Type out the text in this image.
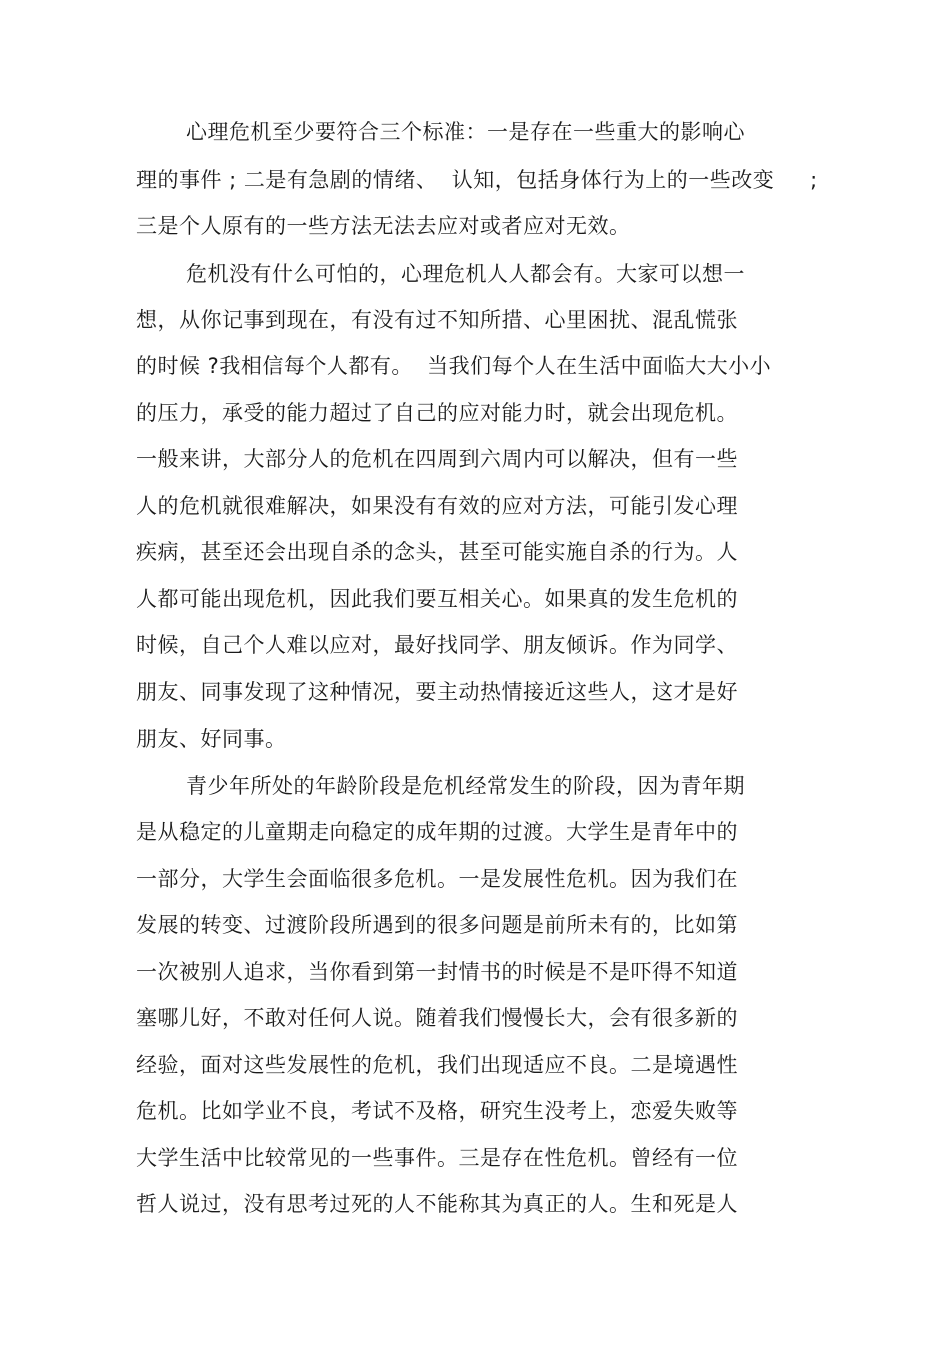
心理危机至少要符合三个标准：一是存在一些重大的影响心
理的事件 ; 二是有急剧的情绪、  认知，包括身体行为上的一些改变     ;
三是个人原有的一些方法无法去应对或者应对无效。
危机没有什么可怕的，心理危机人人都会有。大家可以想一
想，从你记事到现在，有没有过不知所措、心里困扰、混乱慌张
的时候 ?我相信每个人都有。  当我们每个人在生活中面临大大小小
的压力，承受的能力超过了自己的应对能力时，就会出现危机。
一般来讲，大部分人的危机在四周到六周内可以解决，但有一些
人的危机就很难解决，如果没有有效的应对方法，可能引发心理
疾病，甚至还会出现自杀的念头，甚至可能实施自杀的行为。人
人都可能出现危机，因此我们要互相关心。如果真的发生危机的
时候，自己个人难以应对，最好找同学、朋友倾诉。作为同学、
朋友、同事发现了这种情况，要主动热情接近这些人，这才是好
朋友、好同事。
青少年所处的年龄阶段是危机经常发生的阶段，因为青年期
是从稳定的儿童期走向稳定的成年期的过渡。大学生是青年中的
一部分，大学生会面临很多危机。一是发展性危机。因为我们在
发展的转变、过渡阶段所遇到的很多问题是前所未有的，比如第
一次被别人追求，当你看到第一封情书的时候是不是吓得不知道
塞哪儿好，不敢对任何人说。随着我们慢慢长大，会有很多新的
经验，面对这些发展性的危机，我们出现适应不良。二是境遇性
危机。比如学业不良，考试不及格，研究生没考上，恋爱失败等
大学生活中比较常见的一些事件。三是存在性危机。曾经有一位
哲人说过，没有思考过死的人不能称其为真正的人。生和死是人
